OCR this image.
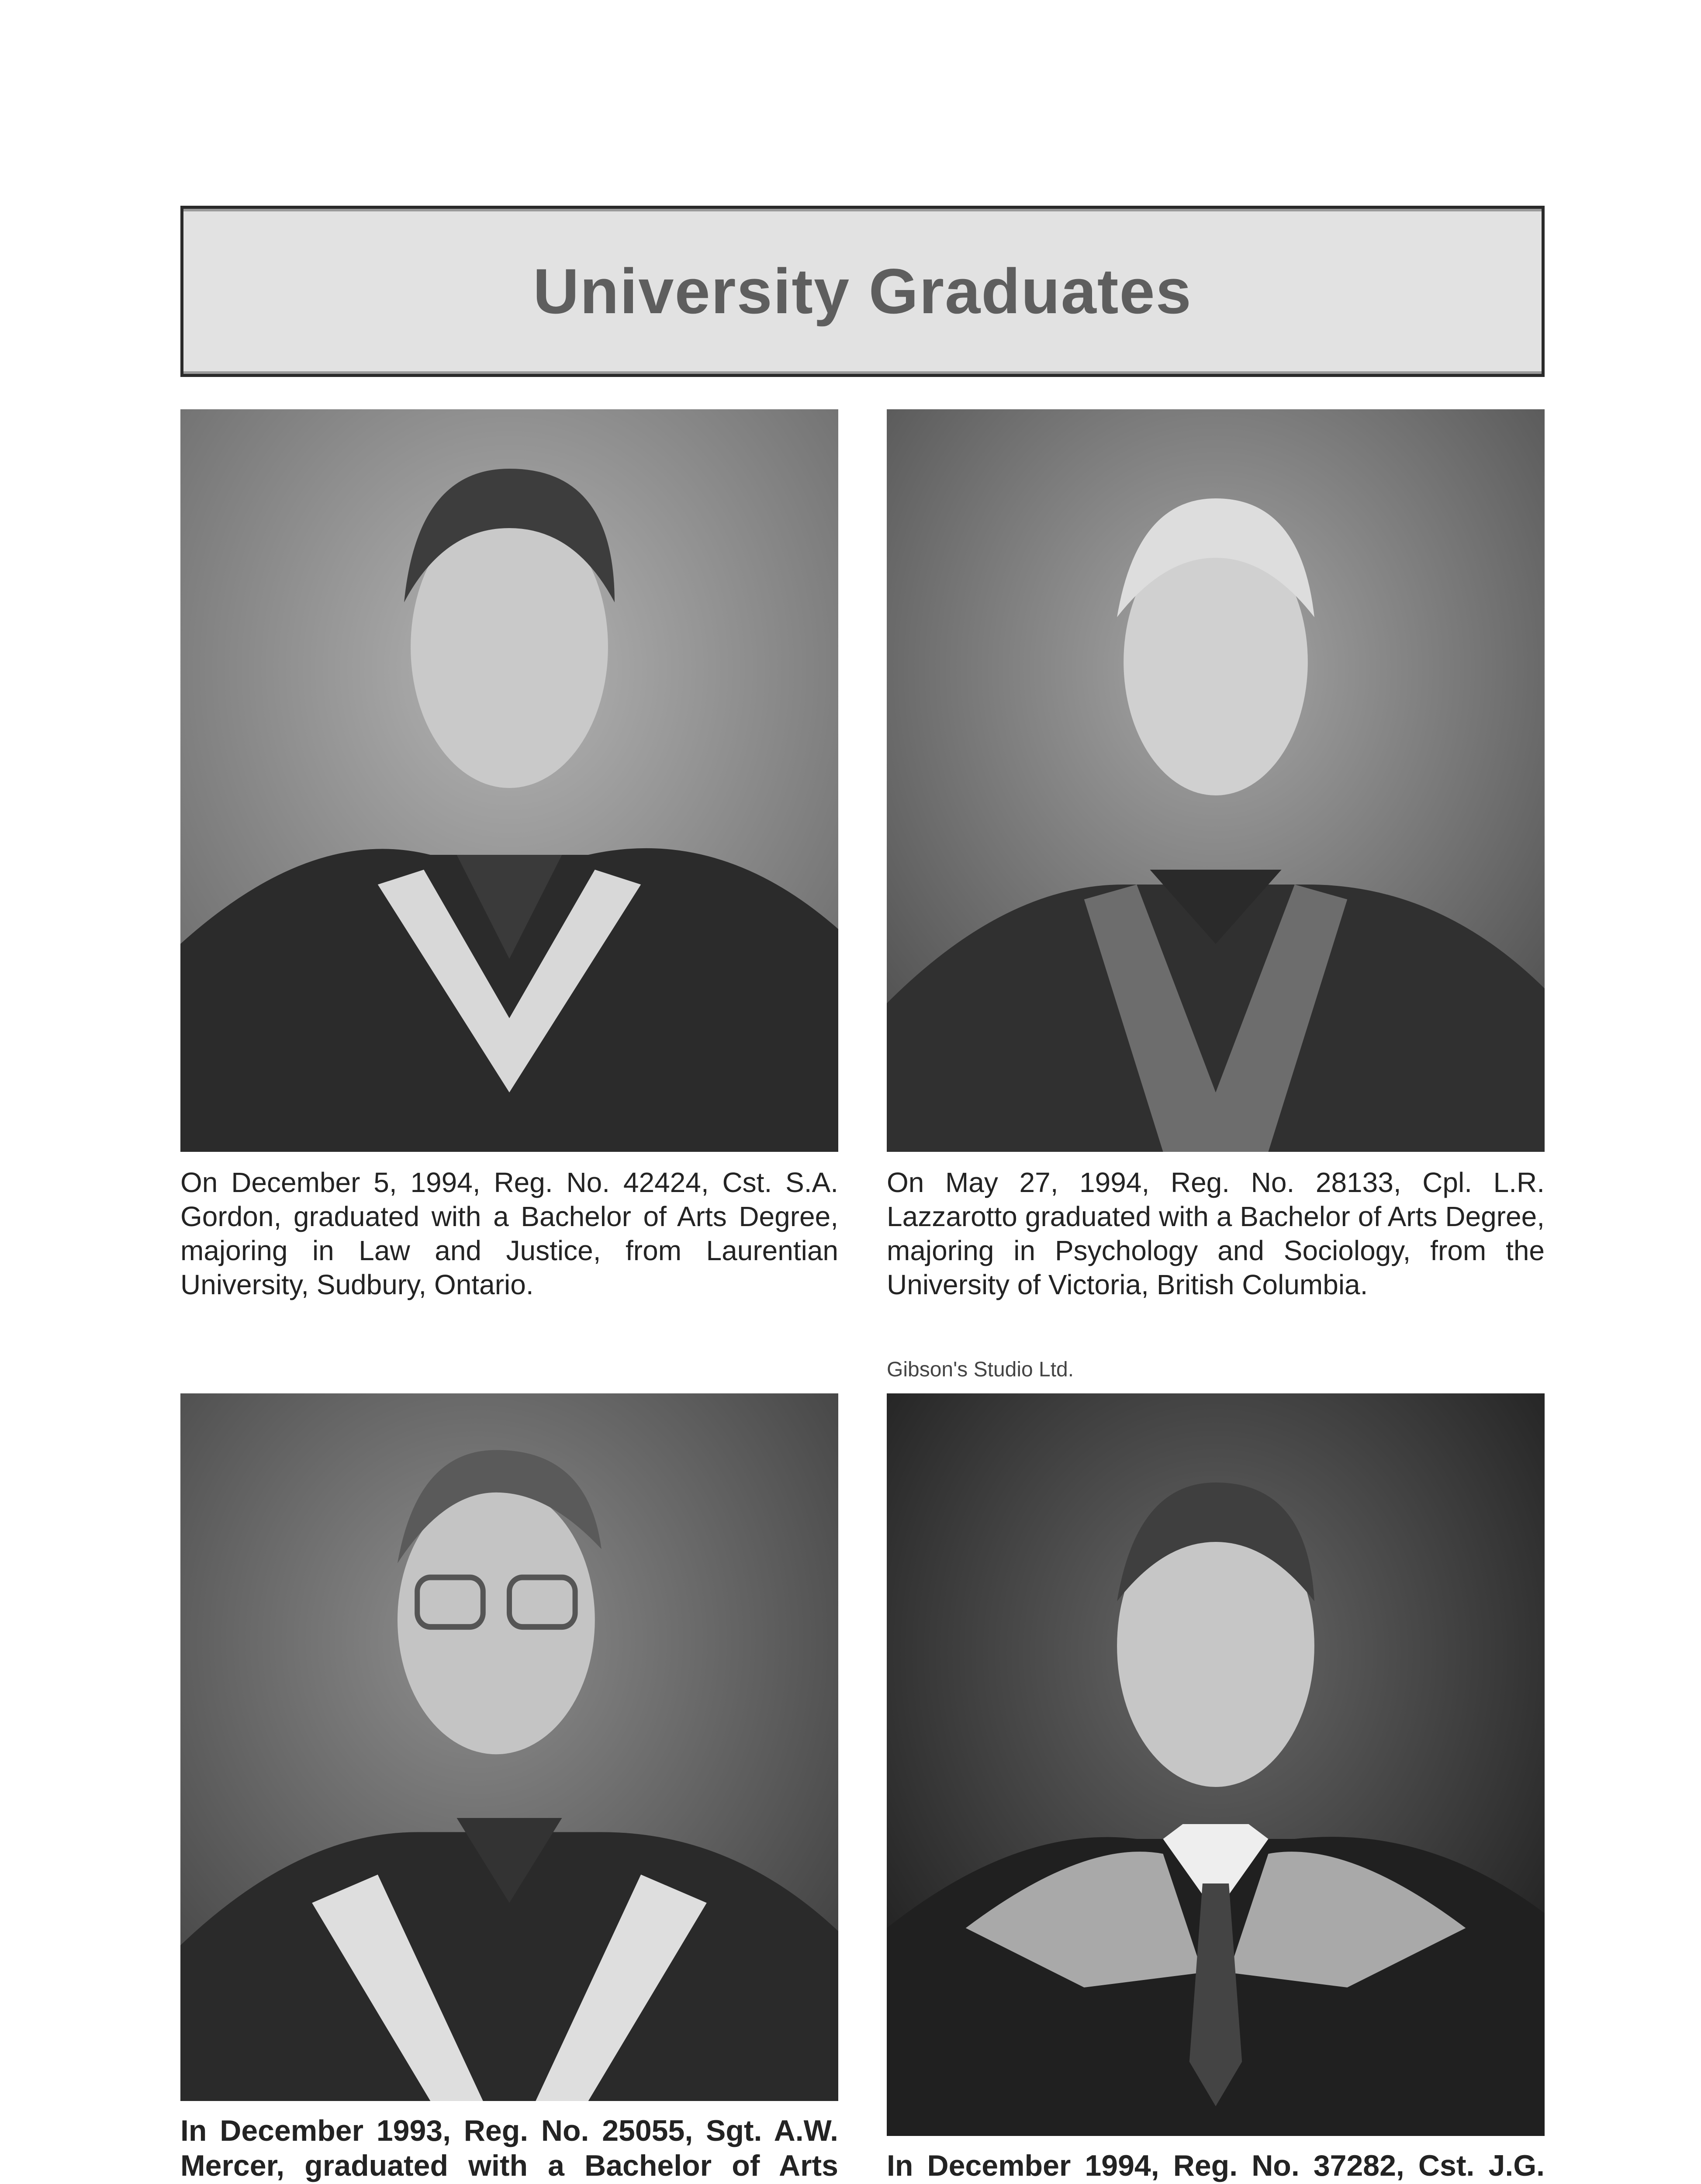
University Graduates

On December 5, 1994, Reg. No. 42424, Cst. S.A. Gordon, graduated with a Bachelor of Arts Degree, majoring in Law and Justice, from Laurentian University, Sudbury, Ontario.

On May 27, 1994, Reg. No. 28133, Cpl. L.R. Lazzarotto graduated with a Bachelor of Arts Degree, majoring in Psychology and Sociology, from the University of Victoria, British Columbia.

Gibson's Studio Ltd.

In December 1993, Reg. No. 25055, Sgt. A.W. Mercer, graduated with a Bachelor of Arts In December 1994, Reg. No. 37282, Cst. J.G.
